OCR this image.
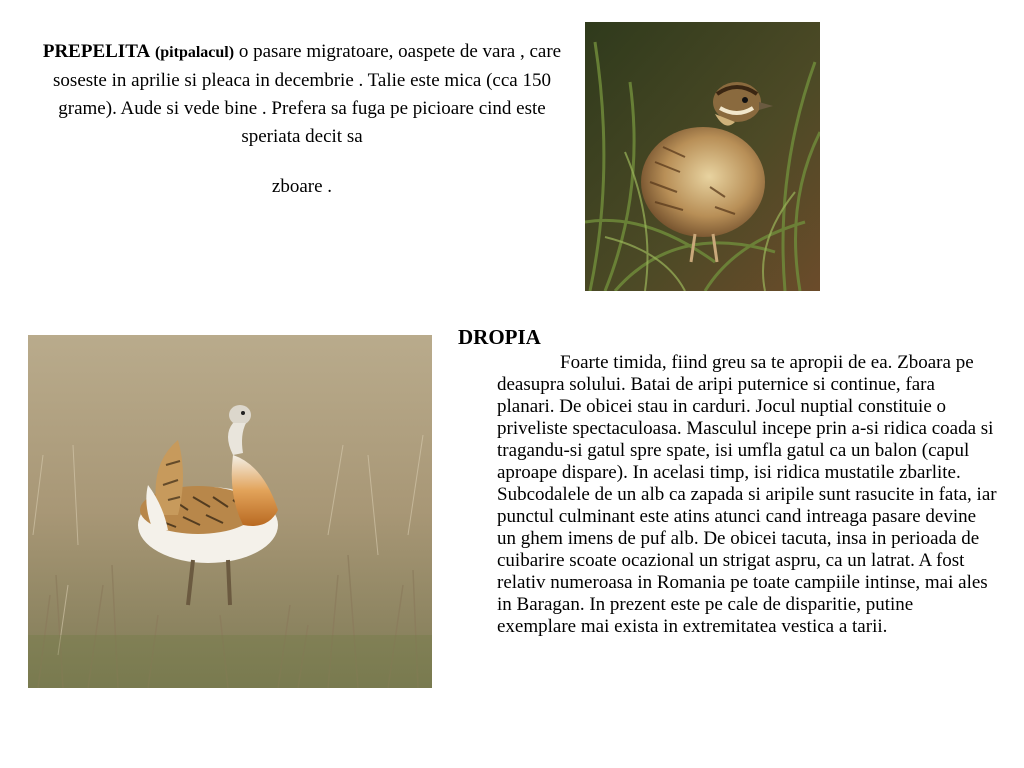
PREPELITA (pitpalacul) o pasare migratoare, oaspete de vara , care soseste in aprilie si pleaca in decembrie . Talie este mica (cca 150 grame). Aude si vede bine . Prefera sa fuga pe picioare cind este speriata decit sa
zboare .
DROPIA
Foarte timida, fiind greu sa te apropii de ea. Zboara pe deasupra solului. Batai de aripi puternice si continue, fara planari. De obicei stau in carduri. Jocul nuptial constituie o priveliste spectaculoasa. Masculul incepe prin a-si ridica coada si tragandu-si gatul spre spate, isi umfla gatul ca un balon (capul aproape dispare). In acelasi timp, isi ridica mustatile zbarlite. Subcodalele de un alb ca zapada si aripile sunt rasucite in fata, iar punctul culminant este atins atunci cand intreaga pasare devine un ghem imens de puf alb. De obicei tacuta, insa in perioada de cuibarire scoate ocazional un strigat aspru, ca un latrat. A fost relativ numeroasa in Romania pe toate campiile intinse, mai ales in Baragan. In prezent este pe cale de disparitie, putine exemplare mai exista in extremitatea vestica a tarii.
